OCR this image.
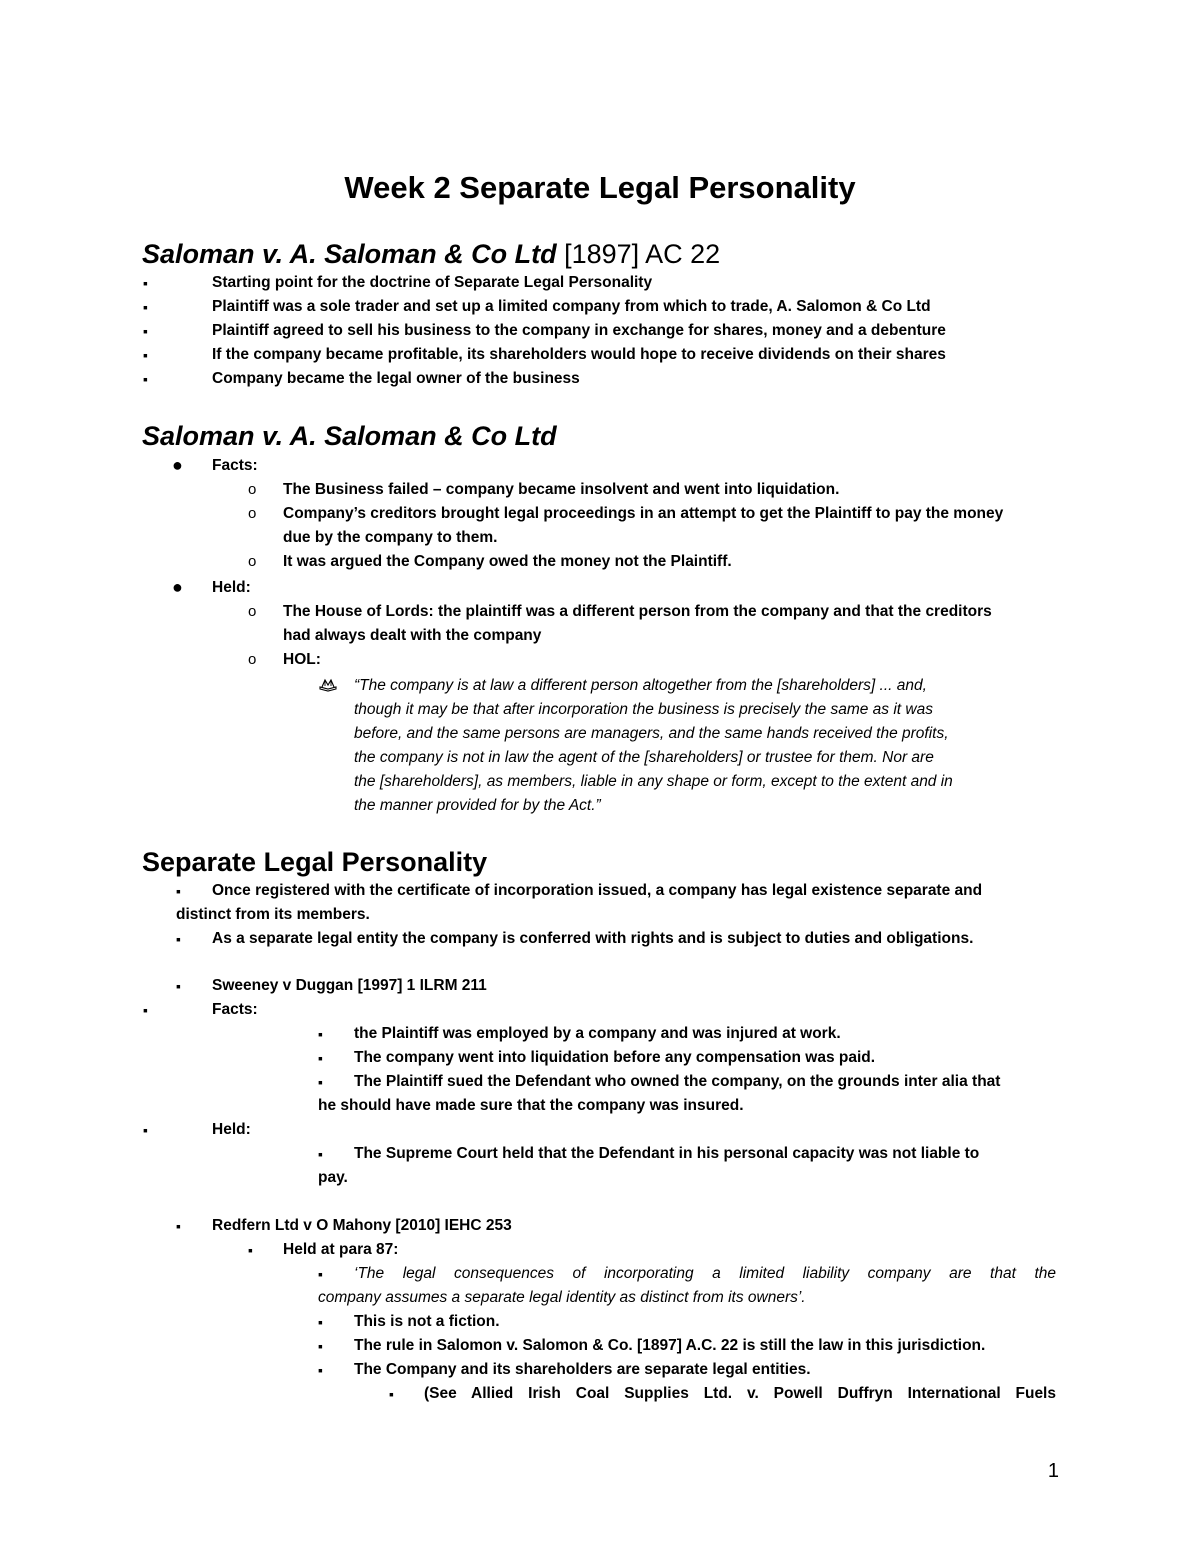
Week 2 Separate Legal Personality
Saloman v. A. Saloman & Co Ltd [1897] AC 22
▪	Starting point for the doctrine of Separate Legal Personality
▪	Plaintiff was a sole trader and set up a limited company from which to trade, A. Salomon & Co Ltd
▪	Plaintiff agreed to sell his business to the company in exchange for shares, money and a debenture
▪	If the company became profitable, its shareholders would hope to receive dividends on their shares
▪	Company became the legal owner of the business
Saloman v. A. Saloman & Co Ltd
● Facts:
o The Business failed – company became insolvent and went into liquidation.
o Company’s creditors brought legal proceedings in an attempt to get the Plaintiff to pay the money
due by the company to them.
o It was argued the Company owed the money not the Plaintiff.
● Held:
o The House of Lords: the plaintiff was a different person from the company and that the creditors
had always dealt with the company
o HOL:
“The company is at law a different person altogether from the [shareholders] ... and,
though it may be that after incorporation the business is precisely the same as it was
before, and the same persons are managers, and the same hands received the profits,
the company is not in law the agent of the [shareholders] or trustee for them. Nor are
the [shareholders], as members, liable in any shape or form, except to the extent and in
the manner provided for by the Act.”
Separate Legal Personality
▪ Once registered with the certificate of incorporation issued, a company has legal existence separate and
distinct from its members.
▪ As a separate legal entity the company is conferred with rights and is subject to duties and obligations.
▪ Sweeney v Duggan [1997] 1 ILRM 211
▪	Facts:
▪ the Plaintiff was employed by a company and was injured at work.
▪ The company went into liquidation before any compensation was paid.
▪ The Plaintiff sued the Defendant who owned the company, on the grounds inter alia that
he should have made sure that the company was insured.
▪	Held:
▪ The Supreme Court held that the Defendant in his personal capacity was not liable to
pay.
▪ Redfern Ltd v O Mahony [2010] IEHC 253
▪ Held at para 87:
▪ ‘The legal consequences of incorporating a limited liability company are that the
company assumes a separate legal identity as distinct from its owners’.
▪ This is not a fiction.
▪ The rule in Salomon v. Salomon & Co. [1897] A.C. 22 is still the law in this jurisdiction.
▪ The Company and its shareholders are separate legal entities.
▪ (See Allied Irish Coal Supplies Ltd. v. Powell Duffryn International Fuels
1
